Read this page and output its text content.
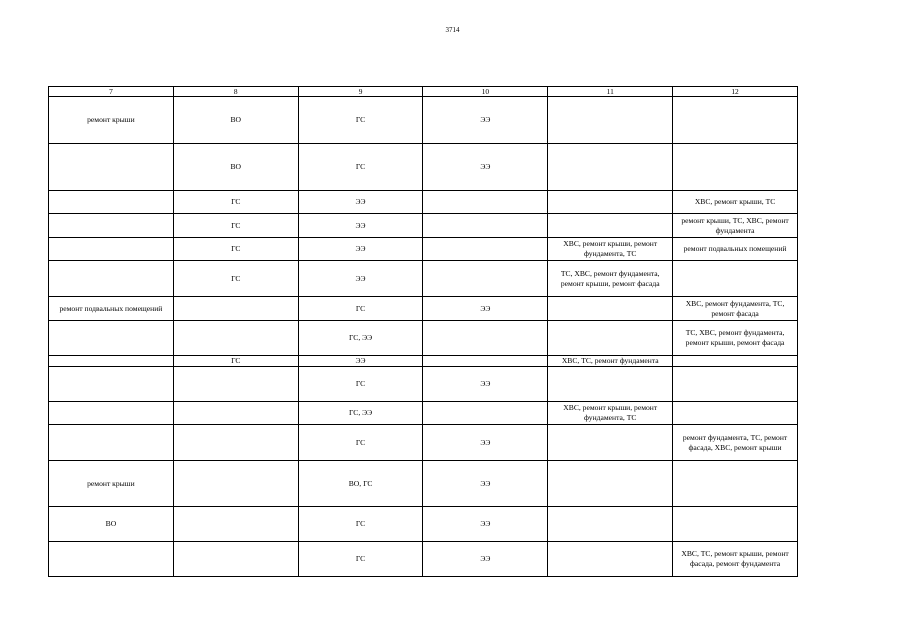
3714
7	8	9	10	11	12
ремонт крыши	ВО	ГС	ЭЭ		
	ВО	ГС	ЭЭ		
	ГС	ЭЭ			ХВС, ремонт крыши, ТС
	ГС	ЭЭ			ремонт крыши, ТС, ХВС, ремонт фундамента
	ГС	ЭЭ		ХВС, ремонт крыши, ремонт фундамента, ТС	ремонт подвальных помещений
	ГС	ЭЭ		ТС, ХВС, ремонт фундамента, ремонт крыши, ремонт фасада	
ремонт подвальных помещений		ГС	ЭЭ		ХВС, ремонт фундамента, ТС, ремонт фасада
		ГС, ЭЭ			ТС, ХВС, ремонт фундамента, ремонт крыши, ремонт фасада
	ГС	ЭЭ		ХВС, ТС, ремонт фундамента	
		ГС	ЭЭ		
		ГС, ЭЭ		ХВС, ремонт крыши, ремонт фундамента, ТС	
		ГС	ЭЭ		ремонт фундамента, ТС, ремонт фасада, ХВС, ремонт крыши
ремонт крыши		ВО, ГС	ЭЭ		
ВО		ГС	ЭЭ		
		ГС	ЭЭ		ХВС, ТС, ремонт крыши, ремонт фасада, ремонт фундамента
